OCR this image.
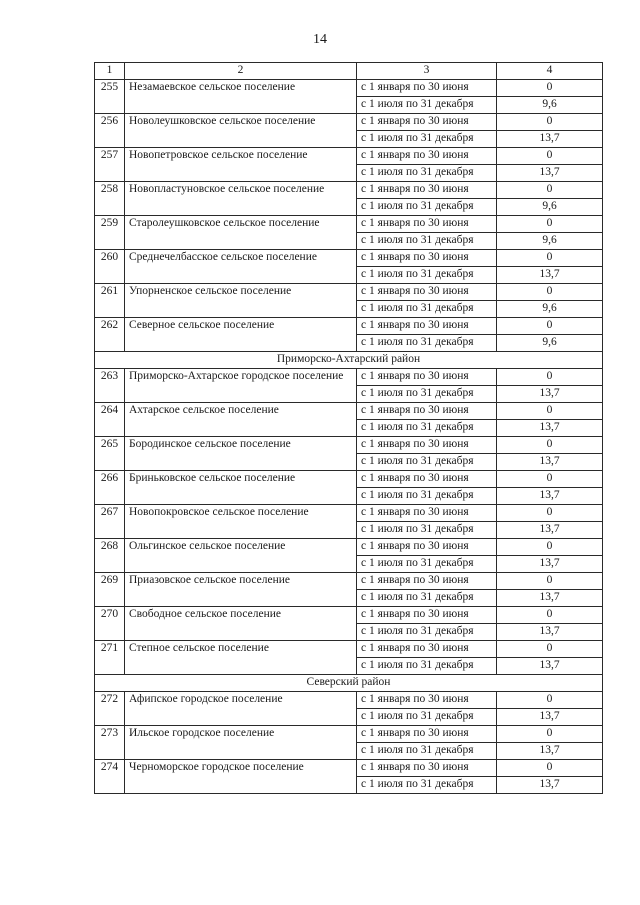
14
1	2	3	4
255	Незамаевское сельское поселение	с 1 января по 30 июня	0
		с 1 июля по 31 декабря	9,6
256	Новолеушковское сельское поселение	с 1 января по 30 июня	0
		с 1 июля по 31 декабря	13,7
257	Новопетровское сельское поселение	с 1 января по 30 июня	0
		с 1 июля по 31 декабря	13,7
258	Новопластуновское сельское поселение	с 1 января по 30 июня	0
		с 1 июля по 31 декабря	9,6
259	Старолеушковское сельское поселение	с 1 января по 30 июня	0
		с 1 июля по 31 декабря	9,6
260	Среднечелбасское сельское поселение	с 1 января по 30 июня	0
		с 1 июля по 31 декабря	13,7
261	Упорненское сельское поселение	с 1 января по 30 июня	0
		с 1 июля по 31 декабря	9,6
262	Северное сельское поселение	с 1 января по 30 июня	0
		с 1 июля по 31 декабря	9,6
Приморско-Ахтарский район			
263	Приморско-Ахтарское городское поселение	с 1 января по 30 июня	0
		с 1 июля по 31 декабря	13,7
264	Ахтарское сельское поселение	с 1 января по 30 июня	0
		с 1 июля по 31 декабря	13,7
265	Бородинское сельское поселение	с 1 января по 30 июня	0
		с 1 июля по 31 декабря	13,7
266	Бриньковское сельское поселение	с 1 января по 30 июня	0
		с 1 июля по 31 декабря	13,7
267	Новопокровское сельское поселение	с 1 января по 30 июня	0
		с 1 июля по 31 декабря	13,7
268	Ольгинское сельское поселение	с 1 января по 30 июня	0
		с 1 июля по 31 декабря	13,7
269	Приазовское сельское поселение	с 1 января по 30 июня	0
		с 1 июля по 31 декабря	13,7
270	Свободное сельское поселение	с 1 января по 30 июня	0
		с 1 июля по 31 декабря	13,7
271	Степное сельское поселение	с 1 января по 30 июня	0
		с 1 июля по 31 декабря	13,7
Северский район			
272	Афипское городское поселение	с 1 января по 30 июня	0
		с 1 июля по 31 декабря	13,7
273	Ильское городское поселение	с 1 января по 30 июня	0
		с 1 июля по 31 декабря	13,7
274	Черноморское городское поселение	с 1 января по 30 июня	0
		с 1 июля по 31 декабря	13,7
